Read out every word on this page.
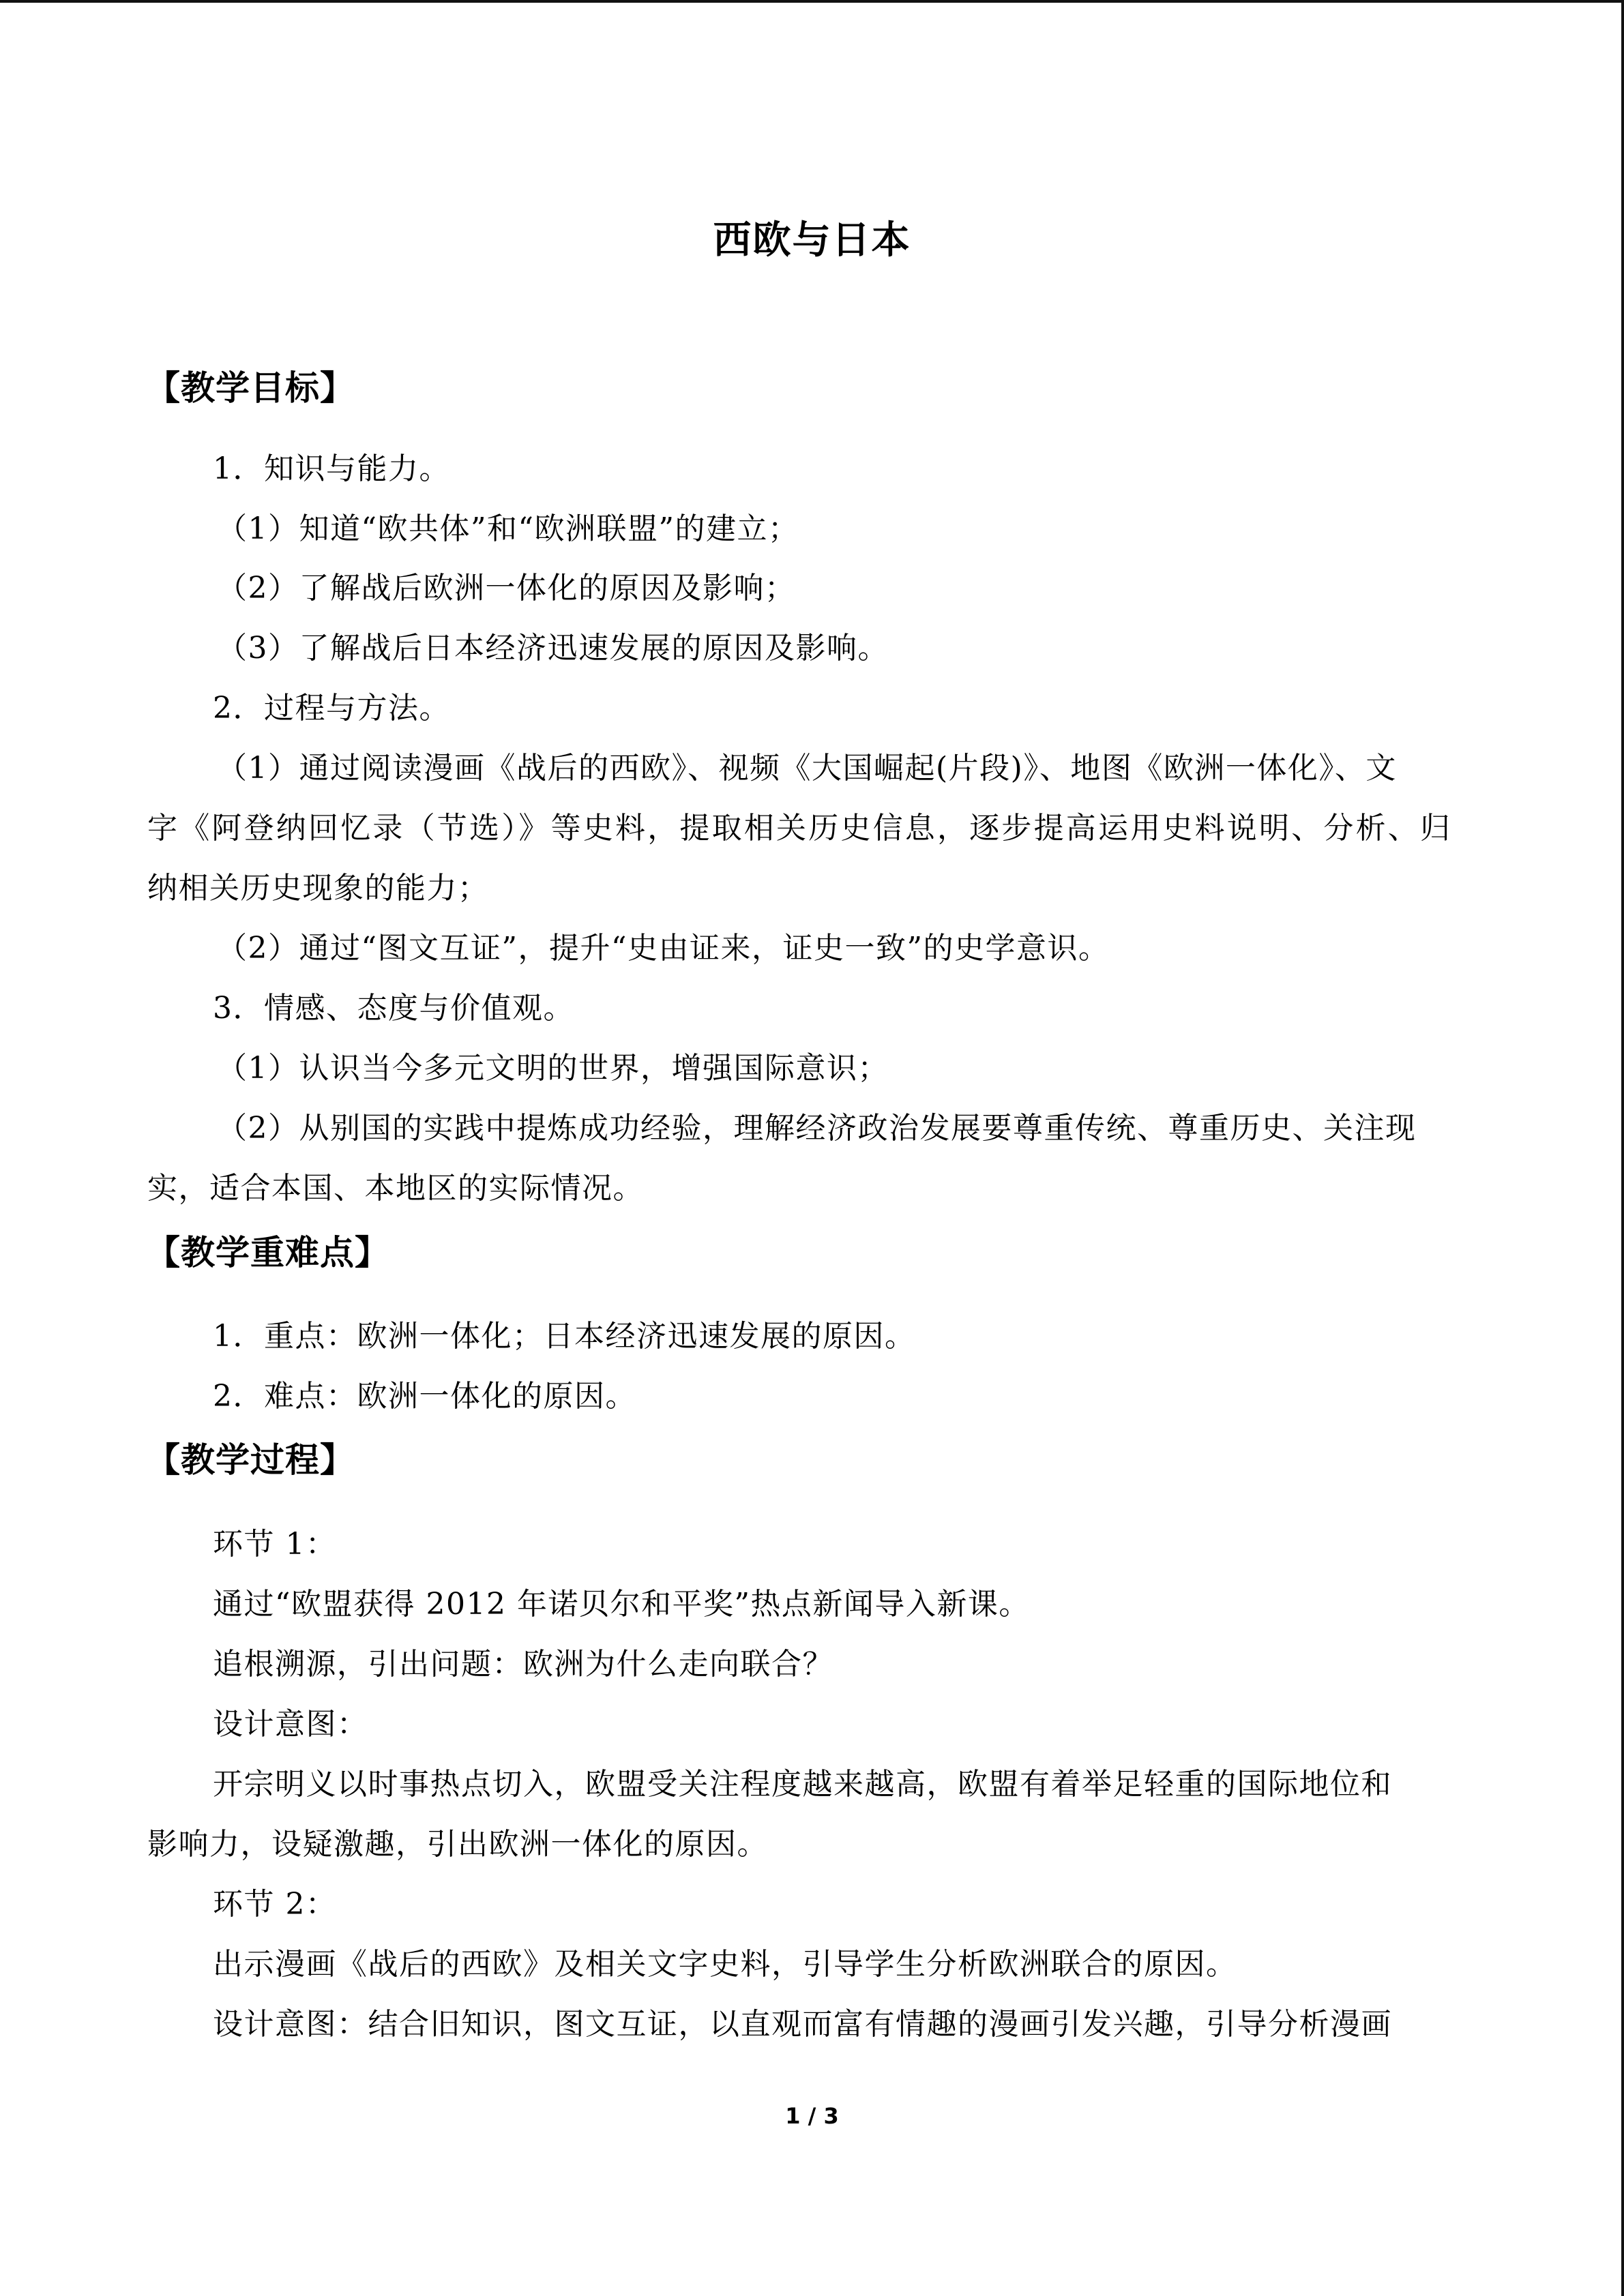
西欧与日本
【教学目标】
1．知识与能力。
（1）知道“欧共体”和“欧洲联盟”的建立；
（2）了解战后欧洲一体化的原因及影响；
（3）了解战后日本经济迅速发展的原因及影响。
2．过程与方法。
（1）通过阅读漫画《战后的西欧》、视频《大国崛起(片段)》、地图《欧洲一体化》、文
字《阿登纳回忆录（节选）》等史料，提取相关历史信息，逐步提高运用史料说明、分析、归
纳相关历史现象的能力；
（2）通过“图文互证”，提升“史由证来，证史一致”的史学意识。
3．情感、态度与价值观。
（1）认识当今多元文明的世界，增强国际意识；
（2）从别国的实践中提炼成功经验，理解经济政治发展要尊重传统、尊重历史、关注现
实，适合本国、本地区的实际情况。
【教学重难点】
1．重点：欧洲一体化；日本经济迅速发展的原因。
2．难点：欧洲一体化的原因。
【教学过程】
环节 1：
通过“欧盟获得 2012 年诺贝尔和平奖”热点新闻导入新课。
追根溯源，引出问题：欧洲为什么走向联合？
设计意图：
开宗明义以时事热点切入，欧盟受关注程度越来越高，欧盟有着举足轻重的国际地位和
影响力，设疑激趣，引出欧洲一体化的原因。
环节 2：
出示漫画《战后的西欧》及相关文字史料，引导学生分析欧洲联合的原因。
设计意图：结合旧知识，图文互证，以直观而富有情趣的漫画引发兴趣，引导分析漫画
1 / 3
